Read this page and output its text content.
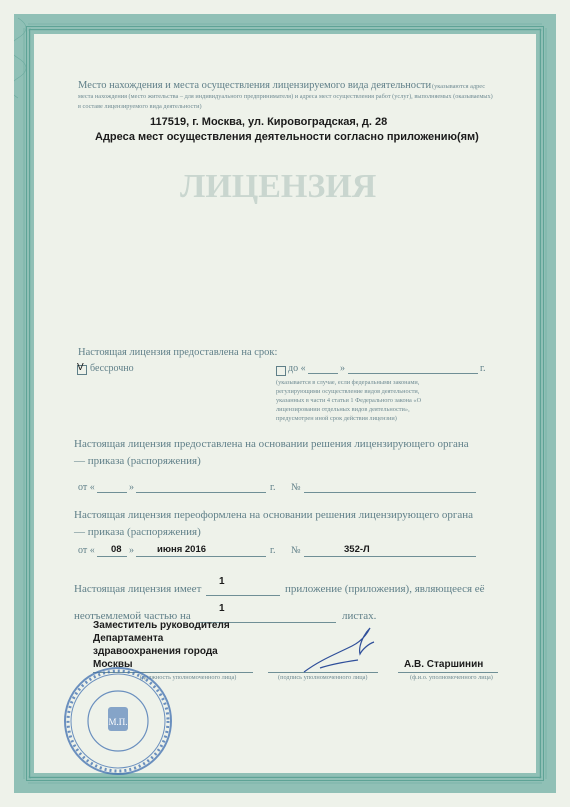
ЛИЦЕНЗИЯ
Место нахождения и места осуществления лицензируемого вида деятельности (указываются адрес
места нахождения (место жительства – для индивидуального предпринимателя) и адреса мест осуществления работ (услуг), выполняемых (оказываемых)
в составе лицензируемого вида деятельности)
117519, г. Москва, ул. Кировоградская, д. 28
Адреса мест осуществления деятельности согласно приложению(ям)
Настоящая лицензия предоставлена на срок:
V бессрочно	до «	»	г.
(указывается в случае, если федеральными законами, регулирующими осуществление видов деятельности, указанных в части 4 статьи 1 Федерального закона «О лицензировании отдельных видов деятельности», предусмотрен иной срок действия лицензии)
Настоящая лицензия предоставлена на основании решения лицензирующего органа
— приказа (распоряжения)
от «	»	г. №
Настоящая лицензия переоформлена на основании решения лицензирующего органа
— приказа (распоряжения)
от « 08 » июня 2016	г. №	352-Л
Настоящая лицензия имеет
1
приложение (приложения), являющееся её
неотъемлемой частью на
1
листах.
Заместитель руководителя
Департамента
здравоохранения города
Москвы
(должность уполномоченного лица)	(подпись уполномоченного лица)
А.В. Старшинин
(ф.и.о. уполномоченного лица)
М.П.
